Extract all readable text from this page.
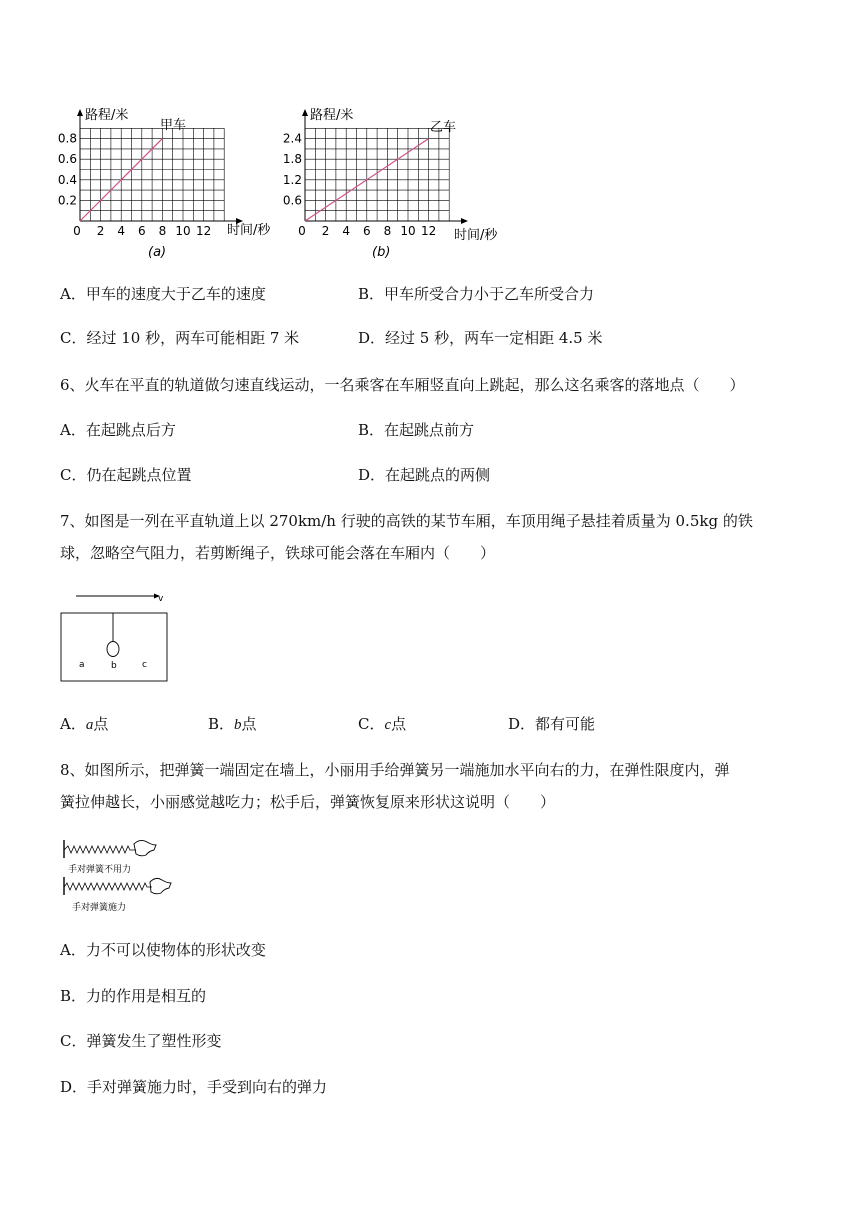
路程/米
时间/秒
甲车
0.8
0.6
0.4
0.2
0 2 4 6 8 10 12
(a)
路程/米
时间/秒
乙车
2.4
1.8
1.2
0.6
0 2 4 6 8 10 12
(b)
A．甲车的速度大于乙车的速度	B．甲车所受合力小于乙车所受合力
C．经过 10 秒，两车可能相距 7 米	D．经过 5 秒，两车一定相距 4.5 米
6、火车在平直的轨道做匀速直线运动，一名乘客在车厢竖直向上跳起，那么这名乘客的落地点（　　）
A．在起跳点后方	B．在起跳点前方
C．仍在起跳点位置	D．在起跳点的两侧
7、如图是一列在平直轨道上以 270km/h 行驶的高铁的某节车厢，车顶用绳子悬挂着质量为 0.5kg 的铁
球，忽略空气阻力，若剪断绳子，铁球可能会落在车厢内（　　）
v
a	b	c
A．a点	B．b点	C．c点	D．都有可能
8、如图所示，把弹簧一端固定在墙上，小丽用手给弹簧另一端施加水平向右的力，在弹性限度内，弹
簧拉伸越长，小丽感觉越吃力；松手后，弹簧恢复原来形状这说明（　　）
手对弹簧不用力
手对弹簧施力
A．力不可以使物体的形状改变
B．力的作用是相互的
C．弹簧发生了塑性形变
D．手对弹簧施力时，手受到向右的弹力
